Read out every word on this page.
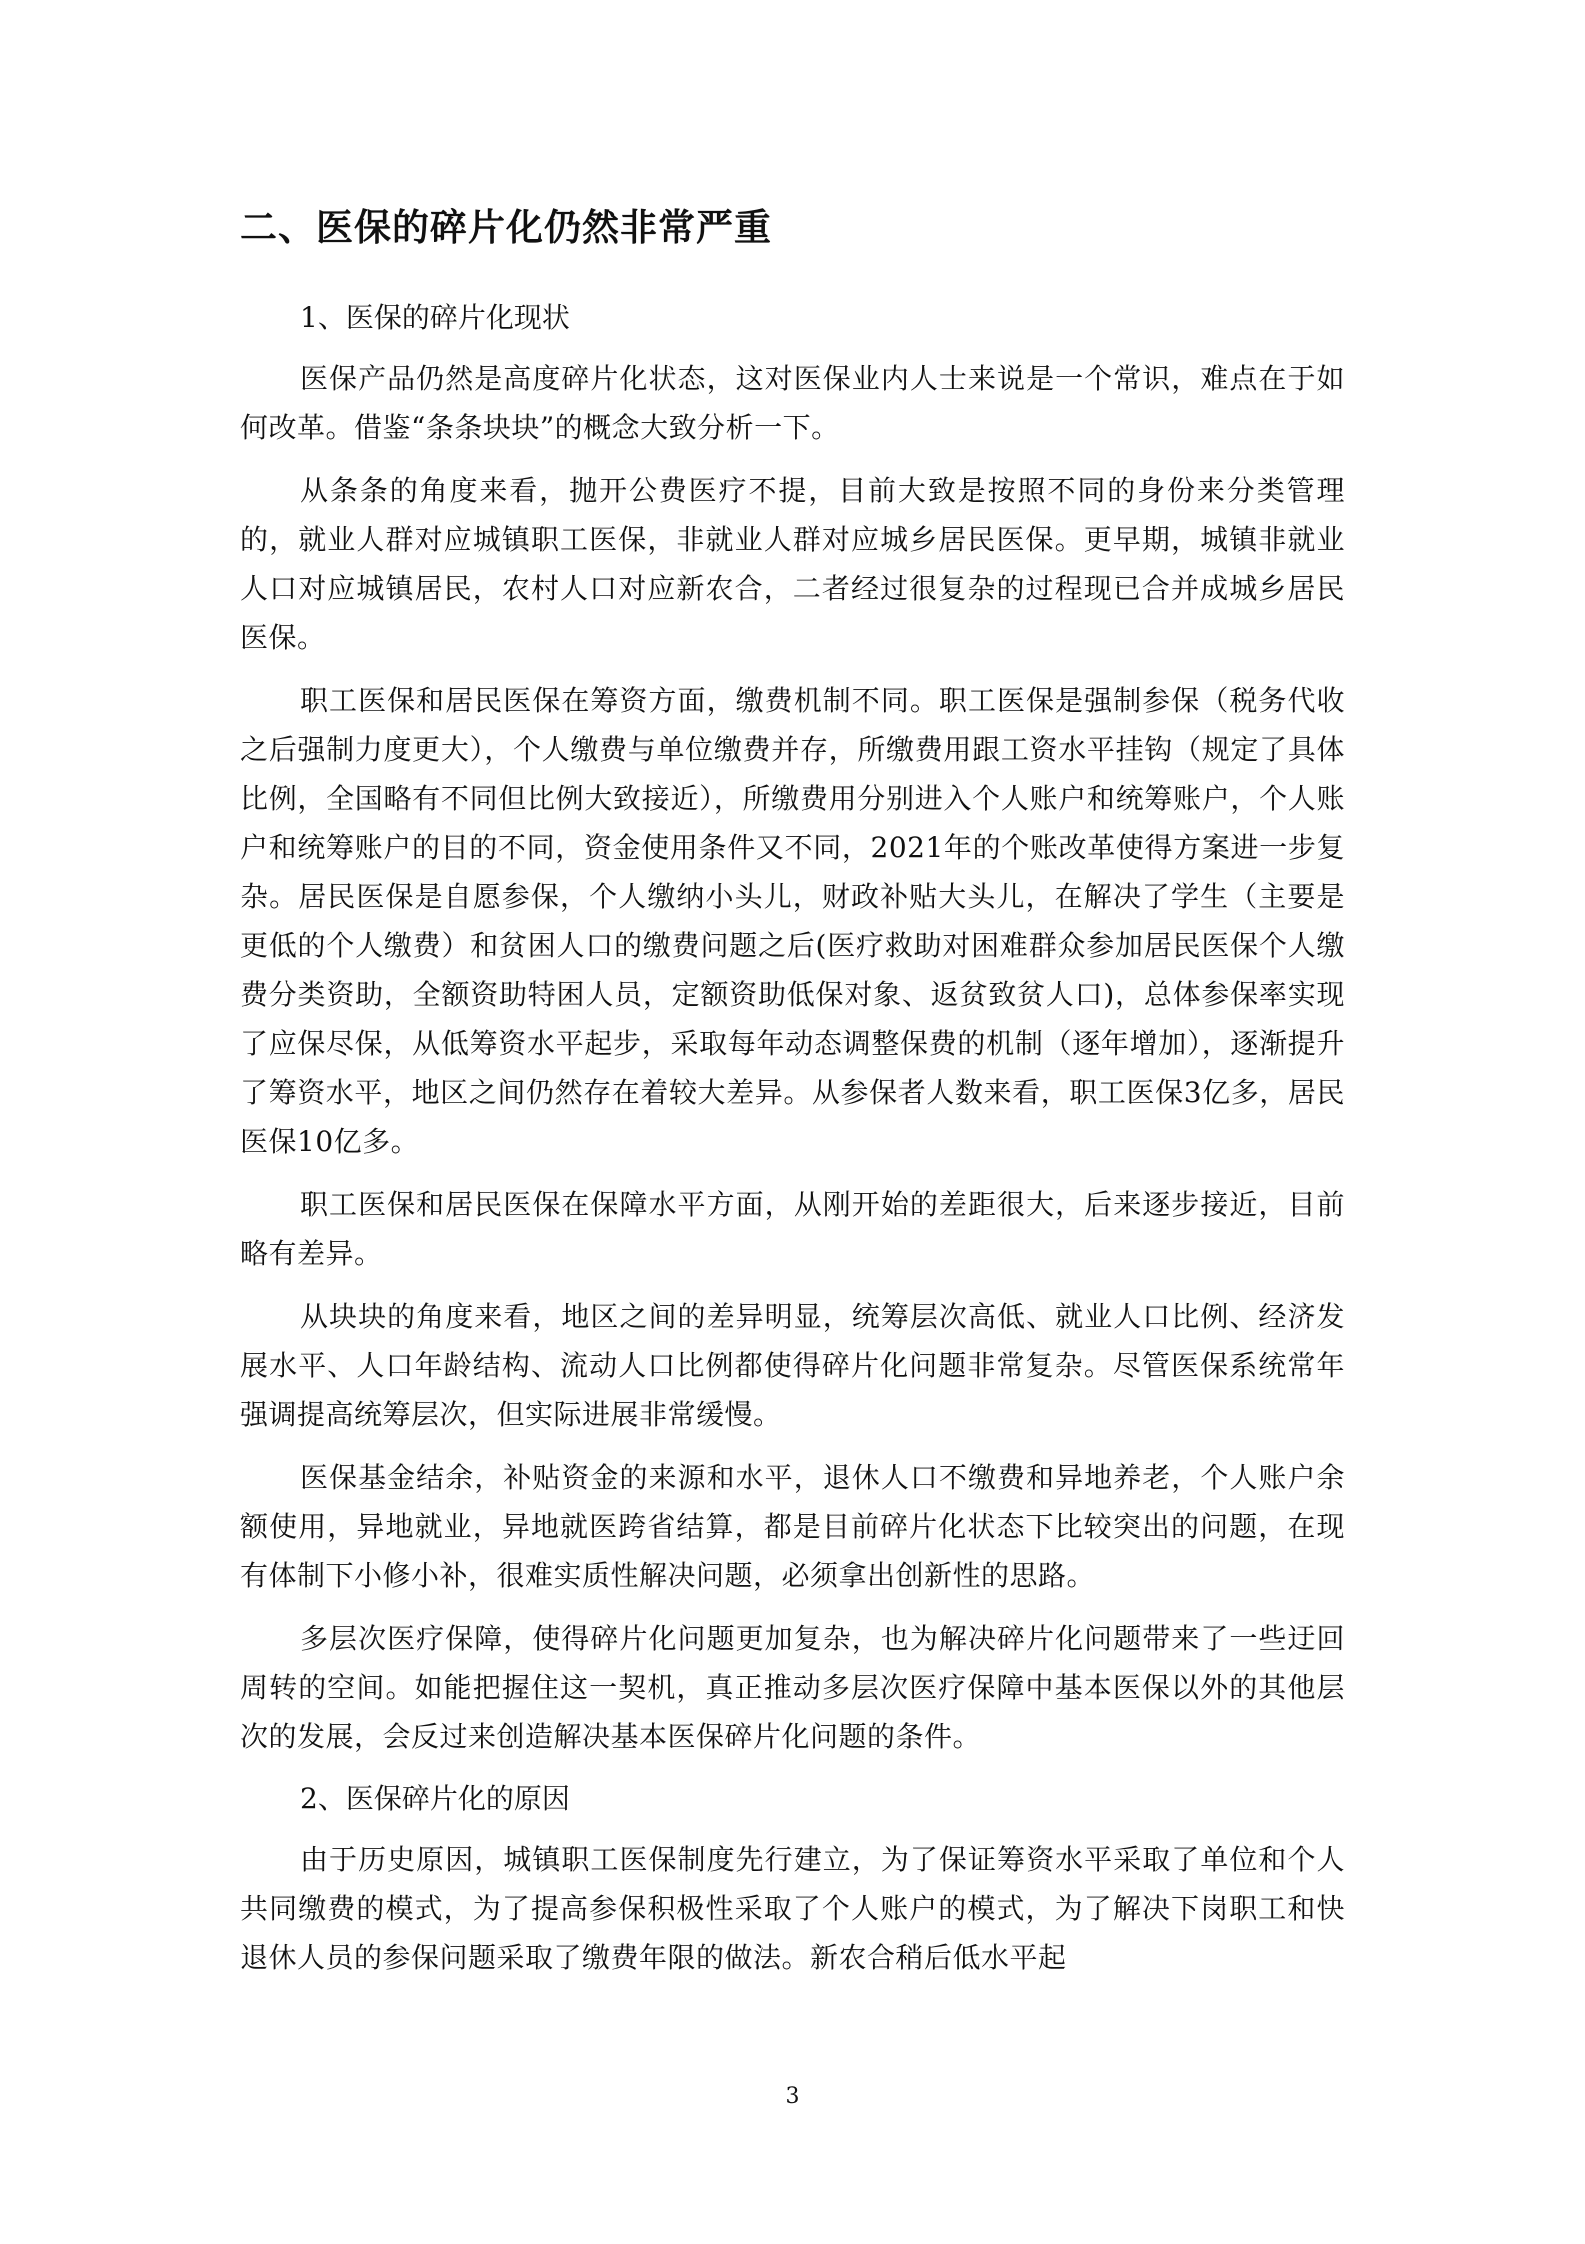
二、医保的碎片化仍然非常严重

1、医保的碎片化现状

医保产品仍然是高度碎片化状态，这对医保业内人士来说是一个常识，难点在于如何改革。借鉴“条条块块”的概念大致分析一下。

从条条的角度来看，抛开公费医疗不提，目前大致是按照不同的身份来分类管理的，就业人群对应城镇职工医保，非就业人群对应城乡居民医保。更早期，城镇非就业人口对应城镇居民，农村人口对应新农合，二者经过很复杂的过程现已合并成城乡居民医保。

职工医保和居民医保在筹资方面，缴费机制不同。职工医保是强制参保（税务代收之后强制力度更大），个人缴费与单位缴费并存，所缴费用跟工资水平挂钩（规定了具体比例，全国略有不同但比例大致接近），所缴费用分别进入个人账户和统筹账户，个人账户和统筹账户的目的不同，资金使用条件又不同，2021年的个账改革使得方案进一步复杂。居民医保是自愿参保，个人缴纳小头儿，财政补贴大头儿，在解决了学生（主要是更低的个人缴费）和贫困人口的缴费问题之后(医疗救助对困难群众参加居民医保个人缴费分类资助，全额资助特困人员，定额资助低保对象、返贫致贫人口)，总体参保率实现了应保尽保，从低筹资水平起步，采取每年动态调整保费的机制（逐年增加），逐渐提升了筹资水平，地区之间仍然存在着较大差异。从参保者人数来看，职工医保3亿多，居民医保10亿多。

职工医保和居民医保在保障水平方面，从刚开始的差距很大，后来逐步接近，目前略有差异。

从块块的角度来看，地区之间的差异明显，统筹层次高低、就业人口比例、经济发展水平、人口年龄结构、流动人口比例都使得碎片化问题非常复杂。尽管医保系统常年强调提高统筹层次，但实际进展非常缓慢。

医保基金结余，补贴资金的来源和水平，退休人口不缴费和异地养老，个人账户余额使用，异地就业，异地就医跨省结算，都是目前碎片化状态下比较突出的问题，在现有体制下小修小补，很难实质性解决问题，必须拿出创新性的思路。

多层次医疗保障，使得碎片化问题更加复杂，也为解决碎片化问题带来了一些迂回周转的空间。如能把握住这一契机，真正推动多层次医疗保障中基本医保以外的其他层次的发展，会反过来创造解决基本医保碎片化问题的条件。

2、医保碎片化的原因

由于历史原因，城镇职工医保制度先行建立，为了保证筹资水平采取了单位和个人共同缴费的模式，为了提高参保积极性采取了个人账户的模式，为了解决下岗职工和快退休人员的参保问题采取了缴费年限的做法。新农合稍后低水平起

3
